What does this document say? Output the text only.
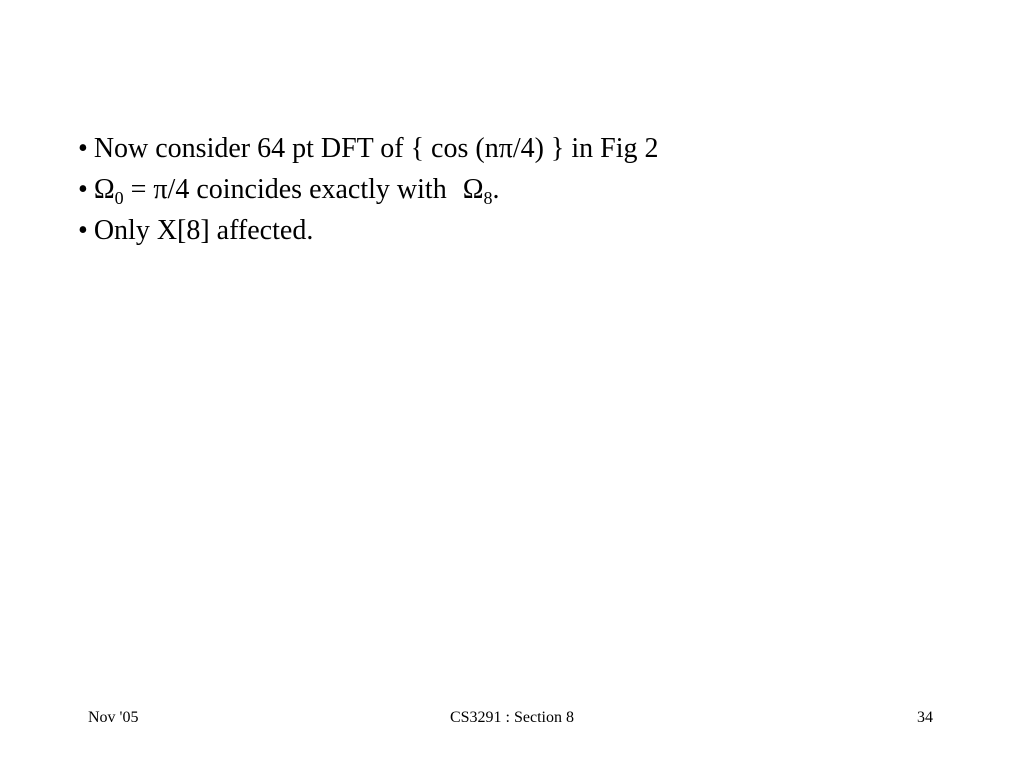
• Now consider 64 pt DFT of { cos (nπ/4) } in Fig 2
• $\Omega_0 = \pi/4$ coincides exactly with $\Omega_8$.
• Only X[8] affected.
Nov '05	CS3291 : Section 8	34
